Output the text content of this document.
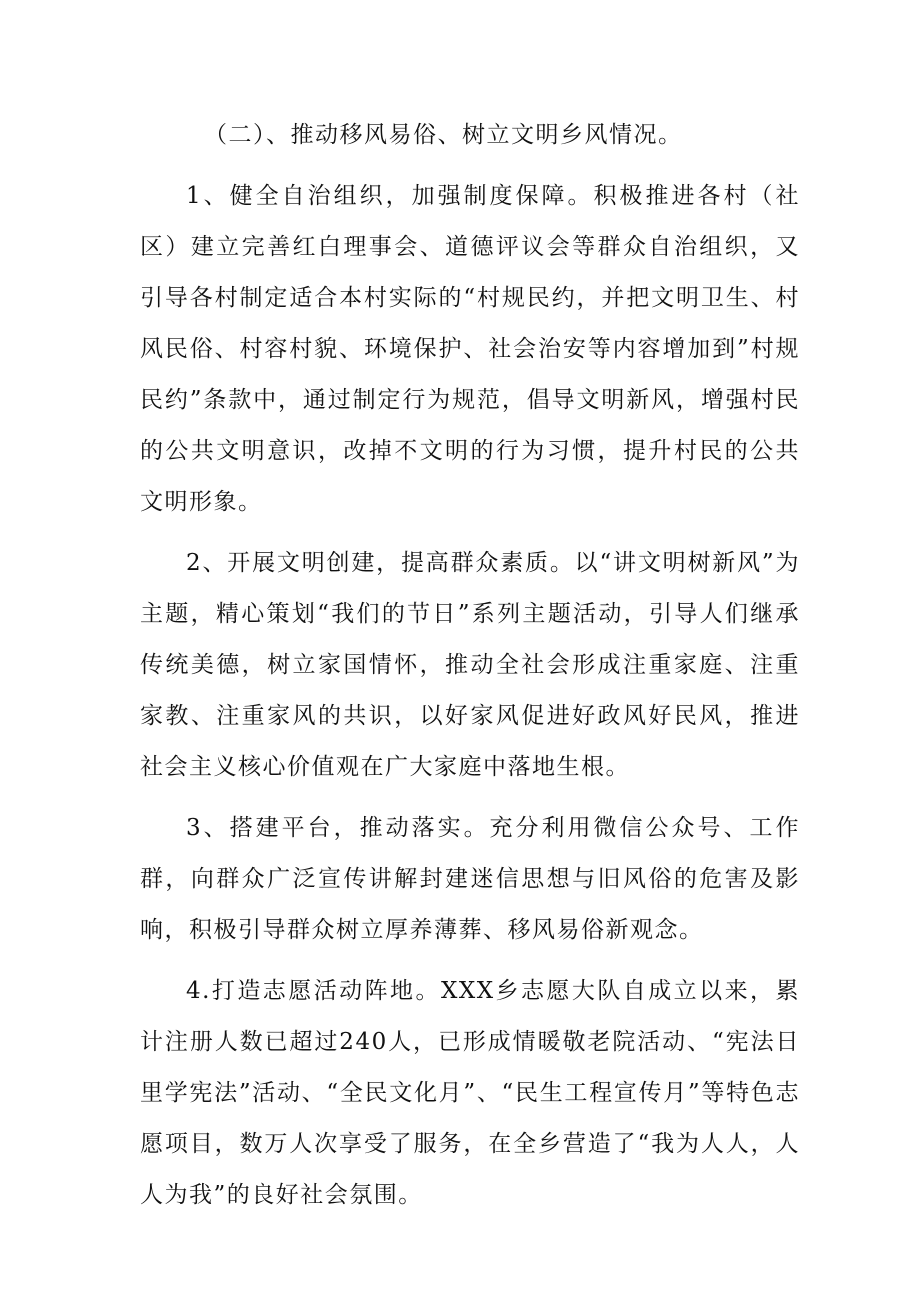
（二）、推动移风易俗、树立文明乡风情况。

1、健全自治组织，加强制度保障。积极推进各村（社区）建立完善红白理事会、道德评议会等群众自治组织，又引导各村制定适合本村实际的“村规民约，并把文明卫生、村风民俗、村容村貌、环境保护、社会治安等内容增加到”村规民约”条款中，通过制定行为规范，倡导文明新风，增强村民的公共文明意识，改掉不文明的行为习惯，提升村民的公共文明形象。

2、开展文明创建，提高群众素质。以“讲文明树新风”为主题，精心策划“我们的节日”系列主题活动，引导人们继承传统美德，树立家国情怀，推动全社会形成注重家庭、注重家教、注重家风的共识，以好家风促进好政风好民风，推进社会主义核心价值观在广大家庭中落地生根。

3、搭建平台，推动落实。充分利用微信公众号、工作群，向群众广泛宣传讲解封建迷信思想与旧风俗的危害及影响，积极引导群众树立厚养薄葬、移风易俗新观念。

4.打造志愿活动阵地。XXX乡志愿大队自成立以来，累计注册人数已超过240人，已形成情暖敬老院活动、“宪法日里学宪法”活动、“全民文化月”、“民生工程宣传月”等特色志愿项目，数万人次享受了服务，在全乡营造了“我为人人，人人为我”的良好社会氛围。
